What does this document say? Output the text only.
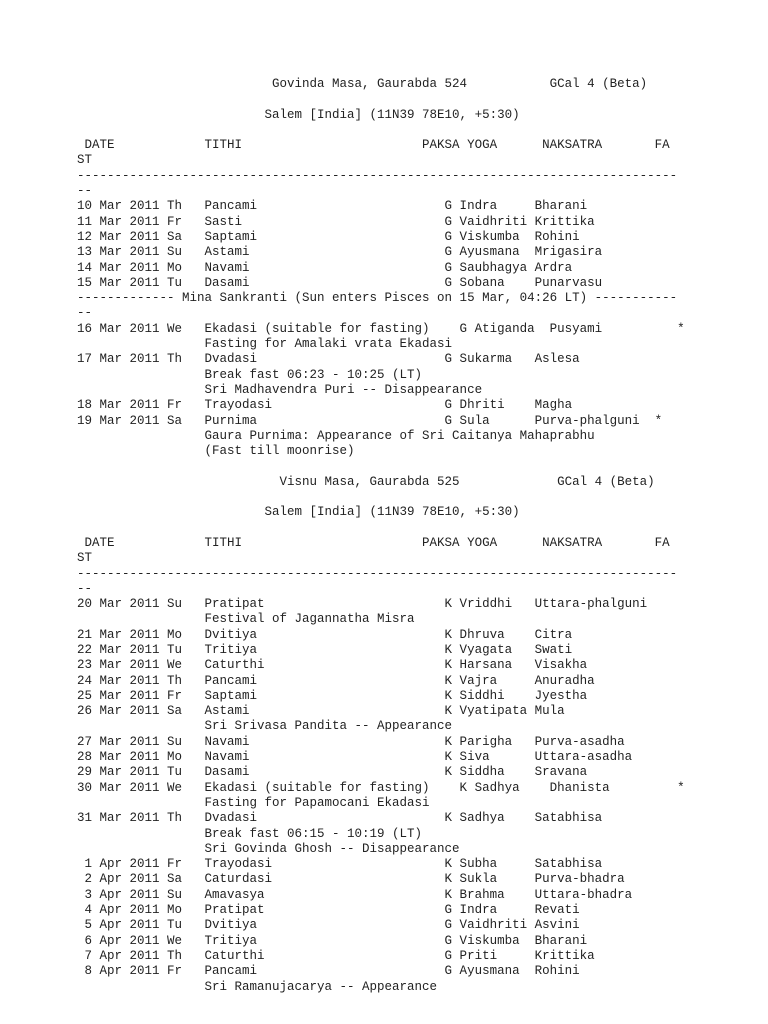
Govinda Masa, Gaurabda 524           GCal 4 (Beta)
Salem [India] (11N39 78E10, +5:30)
DATE            TITHI                        PAKSA YOGA      NAKSATRA       FA
ST
--------------------------------------------------------------------------------
--
10 Mar 2011 Th   Pancami                         G Indra     Bharani
11 Mar 2011 Fr   Sasti                           G Vaidhriti Krittika
12 Mar 2011 Sa   Saptami                         G Viskumba  Rohini
13 Mar 2011 Su   Astami                          G Ayusmana  Mrigasira
14 Mar 2011 Mo   Navami                          G Saubhagya Ardra
15 Mar 2011 Tu   Dasami                          G Sobana    Punarvasu
------------- Mina Sankranti (Sun enters Pisces on 15 Mar, 04:26 LT) -----------
--
16 Mar 2011 We   Ekadasi (suitable for fasting)    G Atiganda  Pusyami          *
Fasting for Amalaki vrata Ekadasi
17 Mar 2011 Th   Dvadasi                         G Sukarma   Aslesa
Break fast 06:23 - 10:25 (LT)
Sri Madhavendra Puri -- Disappearance
18 Mar 2011 Fr   Trayodasi                       G Dhriti    Magha
19 Mar 2011 Sa   Purnima                         G Sula      Purva-phalguni  *
Gaura Purnima: Appearance of Sri Caitanya Mahaprabhu
(Fast till moonrise)
Visnu Masa, Gaurabda 525             GCal 4 (Beta)
Salem [India] (11N39 78E10, +5:30)
DATE            TITHI                        PAKSA YOGA      NAKSATRA       FA
ST
--------------------------------------------------------------------------------
--
20 Mar 2011 Su   Pratipat                        K Vriddhi   Uttara-phalguni
Festival of Jagannatha Misra
21 Mar 2011 Mo   Dvitiya                         K Dhruva    Citra
22 Mar 2011 Tu   Tritiya                         K Vyagata   Swati
23 Mar 2011 We   Caturthi                        K Harsana   Visakha
24 Mar 2011 Th   Pancami                         K Vajra     Anuradha
25 Mar 2011 Fr   Saptami                         K Siddhi    Jyestha
26 Mar 2011 Sa   Astami                          K Vyatipata Mula
Sri Srivasa Pandita -- Appearance
27 Mar 2011 Su   Navami                          K Parigha   Purva-asadha
28 Mar 2011 Mo   Navami                          K Siva      Uttara-asadha
29 Mar 2011 Tu   Dasami                          K Siddha    Sravana
30 Mar 2011 We   Ekadasi (suitable for fasting)    K Sadhya    Dhanista         *
Fasting for Papamocani Ekadasi
31 Mar 2011 Th   Dvadasi                         K Sadhya    Satabhisa
Break fast 06:15 - 10:19 (LT)
Sri Govinda Ghosh -- Disappearance
1 Apr 2011 Fr   Trayodasi                       K Subha     Satabhisa
2 Apr 2011 Sa   Caturdasi                       K Sukla     Purva-bhadra
3 Apr 2011 Su   Amavasya                        K Brahma    Uttara-bhadra
4 Apr 2011 Mo   Pratipat                        G Indra     Revati
5 Apr 2011 Tu   Dvitiya                         G Vaidhriti Asvini
6 Apr 2011 We   Tritiya                         G Viskumba  Bharani
7 Apr 2011 Th   Caturthi                        G Priti     Krittika
8 Apr 2011 Fr   Pancami                         G Ayusmana  Rohini
Sri Ramanujacarya -- Appearance
